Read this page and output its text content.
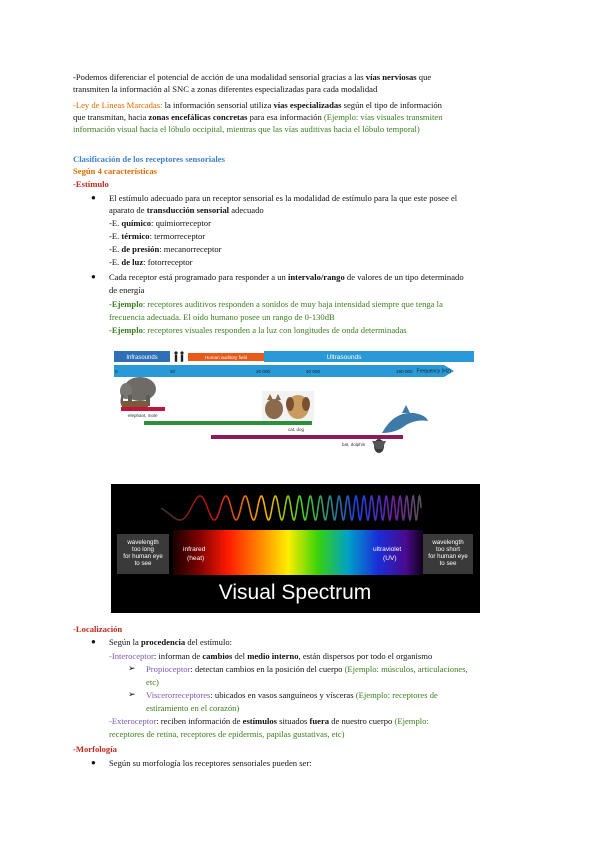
-Podemos diferenciar el potencial de acción de una modalidad sensorial gracias a las vías nerviosas que
transmiten la información al SNC a zonas diferentes especializadas para cada modalidad
-Ley de Líneas Marcadas: la información sensorial utiliza vías especializadas según el tipo de información
que transmitan, hacia zonas encefálicas concretas para esa información (Ejemplo: vías visuales transmiten
información visual hacia el lóbulo occipital, mientras que las vías auditivas hacia el lóbulo temporal)
Clasificación de los receptores sensoriales
Según 4 características
-Estímulo
● El estímulo adecuado para un receptor sensorial es la modalidad de estímulo para la que este posee el
aparato de transducción sensorial adecuado
-E. químico: quimiorreceptor
-E. térmico: termorreceptor
-E. de presión: mecanorreceptor
-E. de luz: fotorreceptor
● Cada receptor está programado para responder a un intervalo/rango de valores de un tipo determinado
de energía
-Ejemplo: receptores auditivos responden a sonidos de muy baja intensidad siempre que tenga la
frecuencia adecuada. El oído humano posee un rango de 0-130dB
-Ejemplo: receptores visuales responden a la luz con longitudes de onda determinadas
Infrasounds	Human auditory field	Ultrasounds
Frequency (Hz)
0	20	20 000	40 000	160 000
elephant, mole
cat, dog
bat, dolphin
wavelength
too long
for human eye
to see
wavelength
too short
for human eye
to see
infrared
(heat)
ultraviolet
(UV)
Visual Spectrum
-Localización
● Según la procedencia del estímulo:
-Interoceptor: informan de cambios del medio interno, están dispersos por todo el organismo
➢ Propioceptor: detectan cambios en la posición del cuerpo (Ejemplo: músculos, articulaciones,
etc)
➢ Viscerorreceptores: ubicados en vasos sanguíneos y vísceras (Ejemplo: receptores de
estiramiento en el corazón)
-Exteroceptor: reciben información de estímulos situados fuera de nuestro cuerpo (Ejemplo:
receptores de retina, receptores de epidermis, papilas gustativas, etc)
-Morfología
● Según su morfología los receptores sensoriales pueden ser:
